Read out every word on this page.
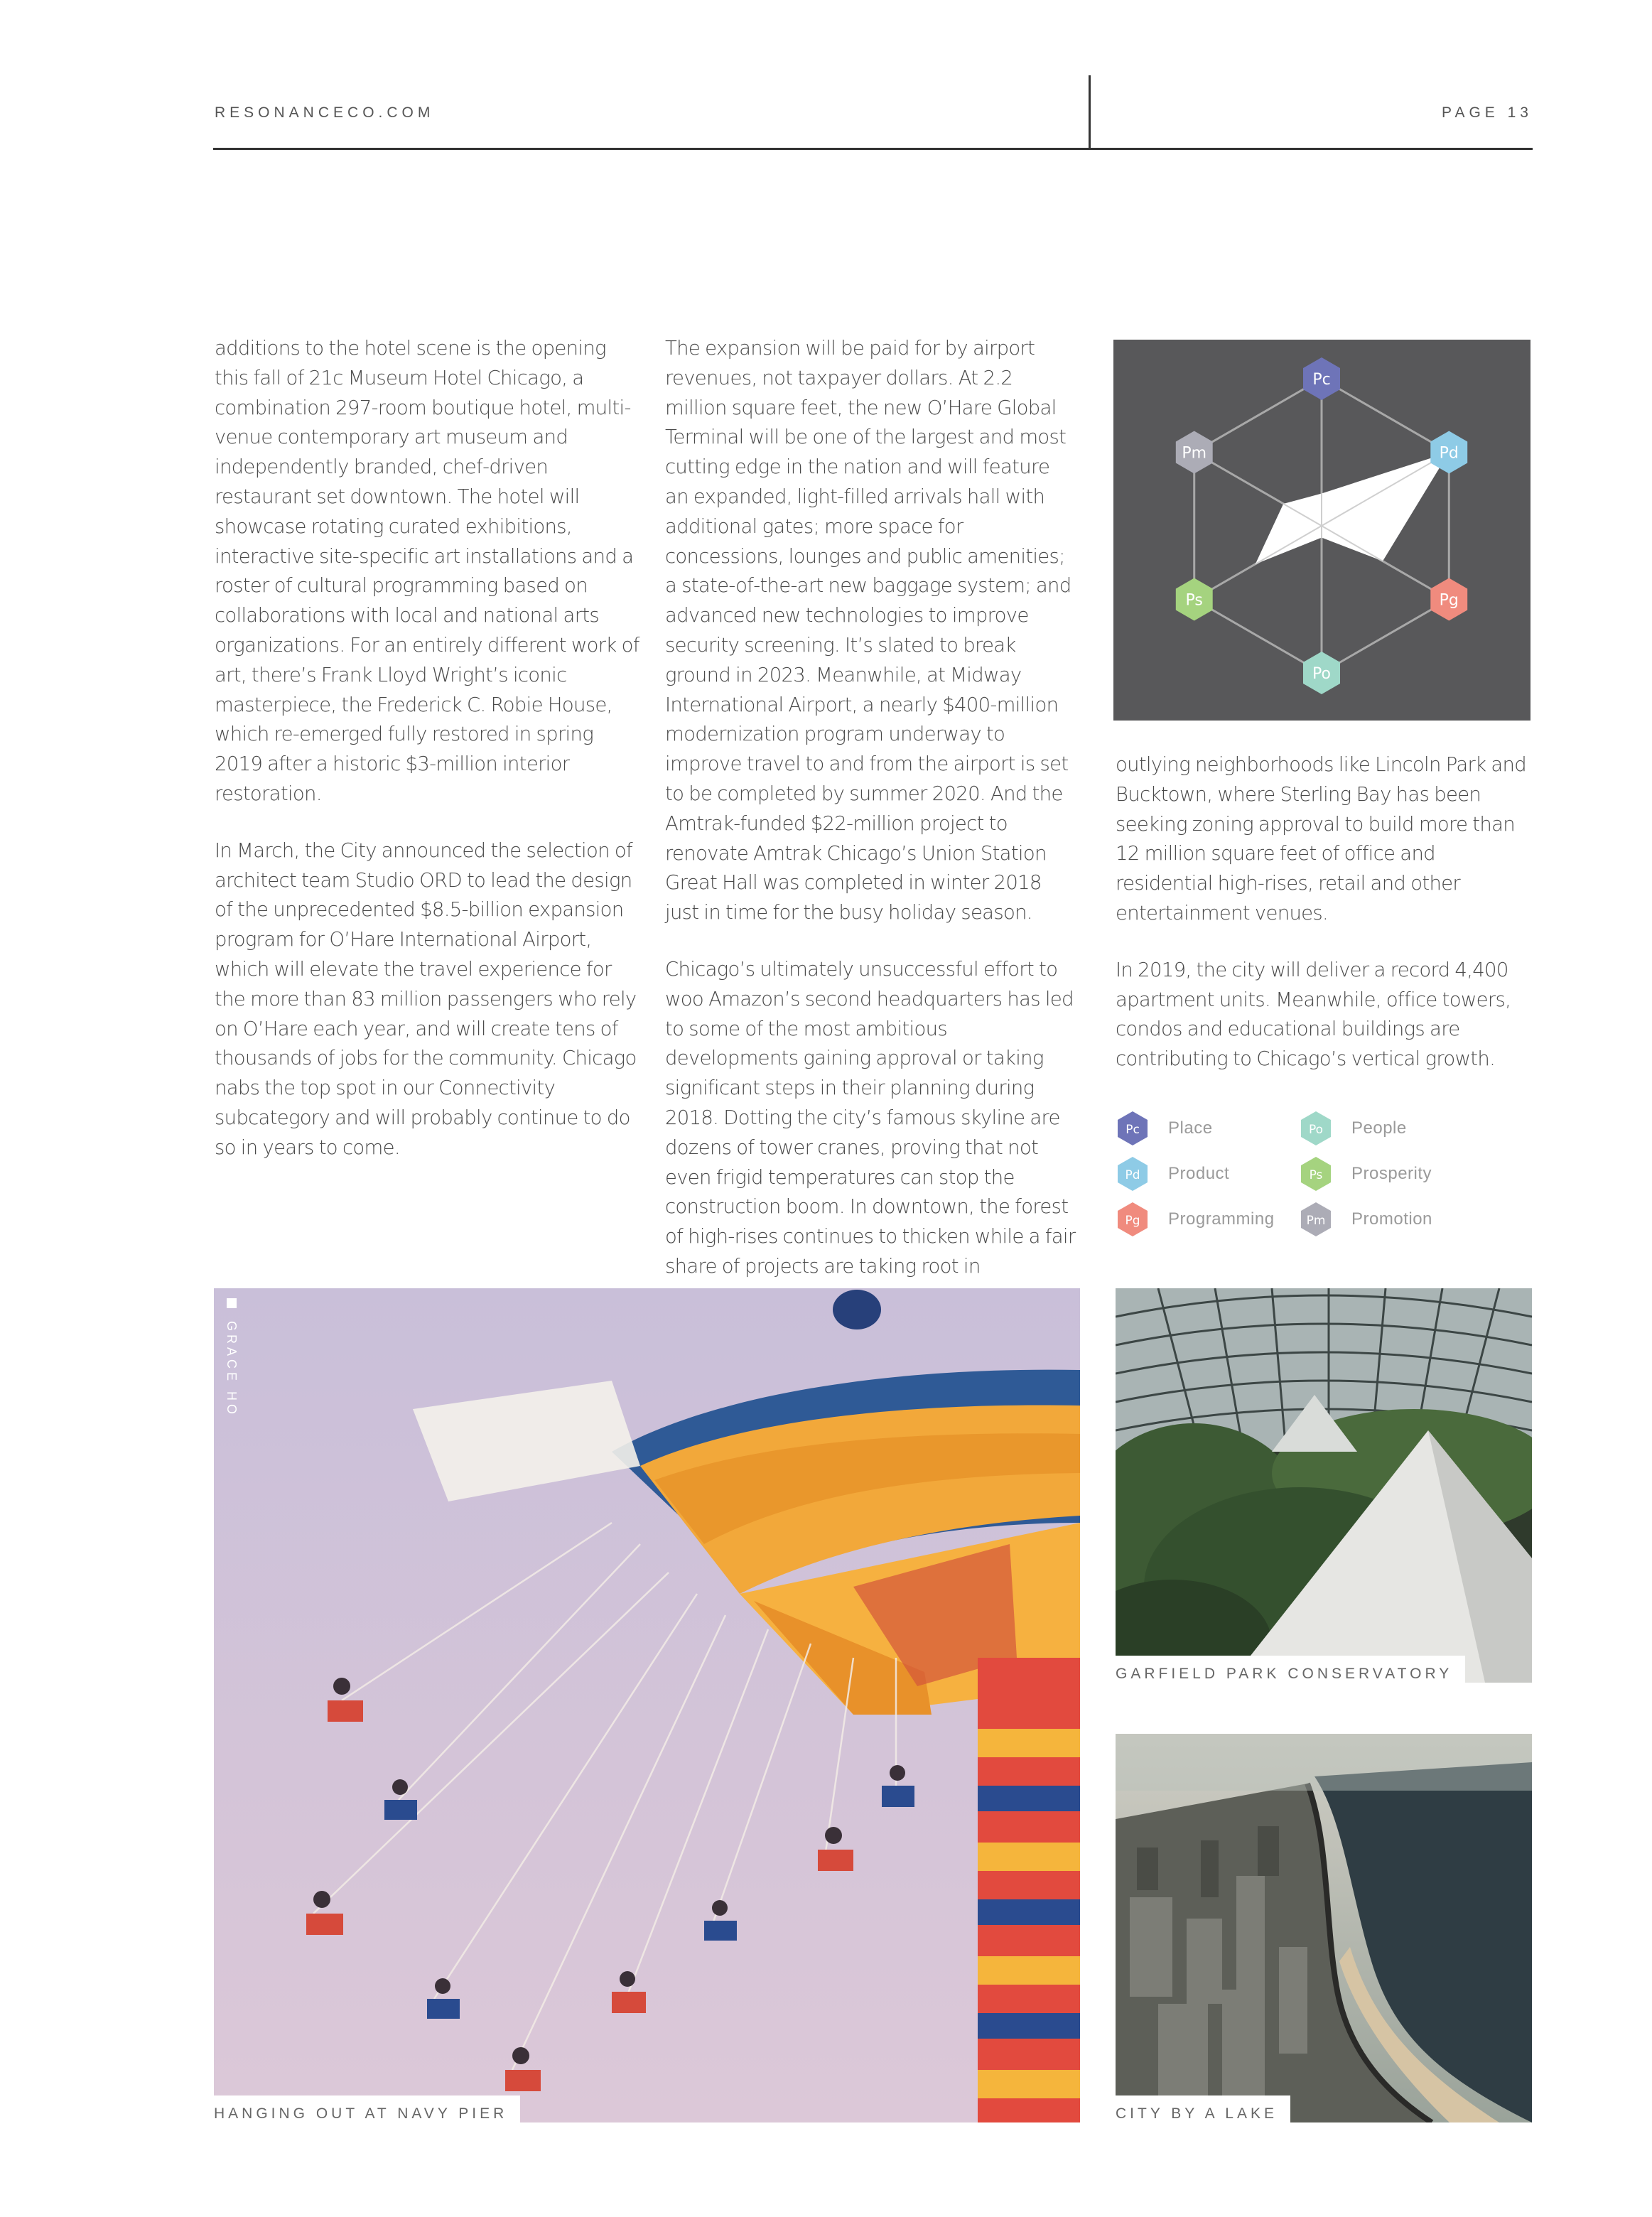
RESONANCECO.COM	PAGE 13

additions to the hotel scene is the opening this fall of 21c Museum Hotel Chicago, a combination 297-room boutique hotel, multi-venue contemporary art museum and independently branded, chef-driven restaurant set downtown. The hotel will showcase rotating curated exhibitions, interactive site-specific art installations and a roster of cultural programming based on collaborations with local and national arts organizations. For an entirely different work of art, there’s Frank Lloyd Wright’s iconic masterpiece, the Frederick C. Robie House, which re-emerged fully restored in spring 2019 after a historic $3-million interior restoration.

In March, the City announced the selection of architect team Studio ORD to lead the design of the unprecedented $8.5-billion expansion program for O’Hare International Airport, which will elevate the travel experience for the more than 83 million passengers who rely on O’Hare each year, and will create tens of thousands of jobs for the community. Chicago nabs the top spot in our Connectivity subcategory and will probably continue to do so in years to come.

The expansion will be paid for by airport revenues, not taxpayer dollars. At 2.2 million square feet, the new O’Hare Global Terminal will be one of the largest and most cutting edge in the nation and will feature an expanded, light-filled arrivals hall with additional gates; more space for concessions, lounges and public amenities; a state-of-the-art new baggage system; and advanced new technologies to improve security screening. It’s slated to break ground in 2023. Meanwhile, at Midway International Airport, a nearly $400-million modernization program underway to improve travel to and from the airport is set to be completed by summer 2020. And the Amtrak-funded $22-million project to renovate Amtrak Chicago’s Union Station Great Hall was completed in winter 2018 just in time for the busy holiday season.

Chicago’s ultimately unsuccessful effort to woo Amazon’s second headquarters has led to some of the most ambitious developments gaining approval or taking significant steps in their planning during 2018. Dotting the city’s famous skyline are dozens of tower cranes, proving that not even frigid temperatures can stop the construction boom. In downtown, the forest of high-rises continues to thicken while a fair share of projects are taking root in

outlying neighborhoods like Lincoln Park and Bucktown, where Sterling Bay has been seeking zoning approval to build more than 12 million square feet of office and residential high-rises, retail and other entertainment venues.

In 2019, the city will deliver a record 4,400 apartment units. Meanwhile, office towers, condos and educational buildings are contributing to Chicago’s vertical growth.

Pc
Pd
Pg
Po
Ps
Pm
Pc Place
Pd Product
Pg Programming
Po People
Ps Prosperity
Pm Promotion
GRACE HO
HANGING OUT AT NAVY PIER
GARFIELD PARK CONSERVATORY
CITY BY A LAKE
